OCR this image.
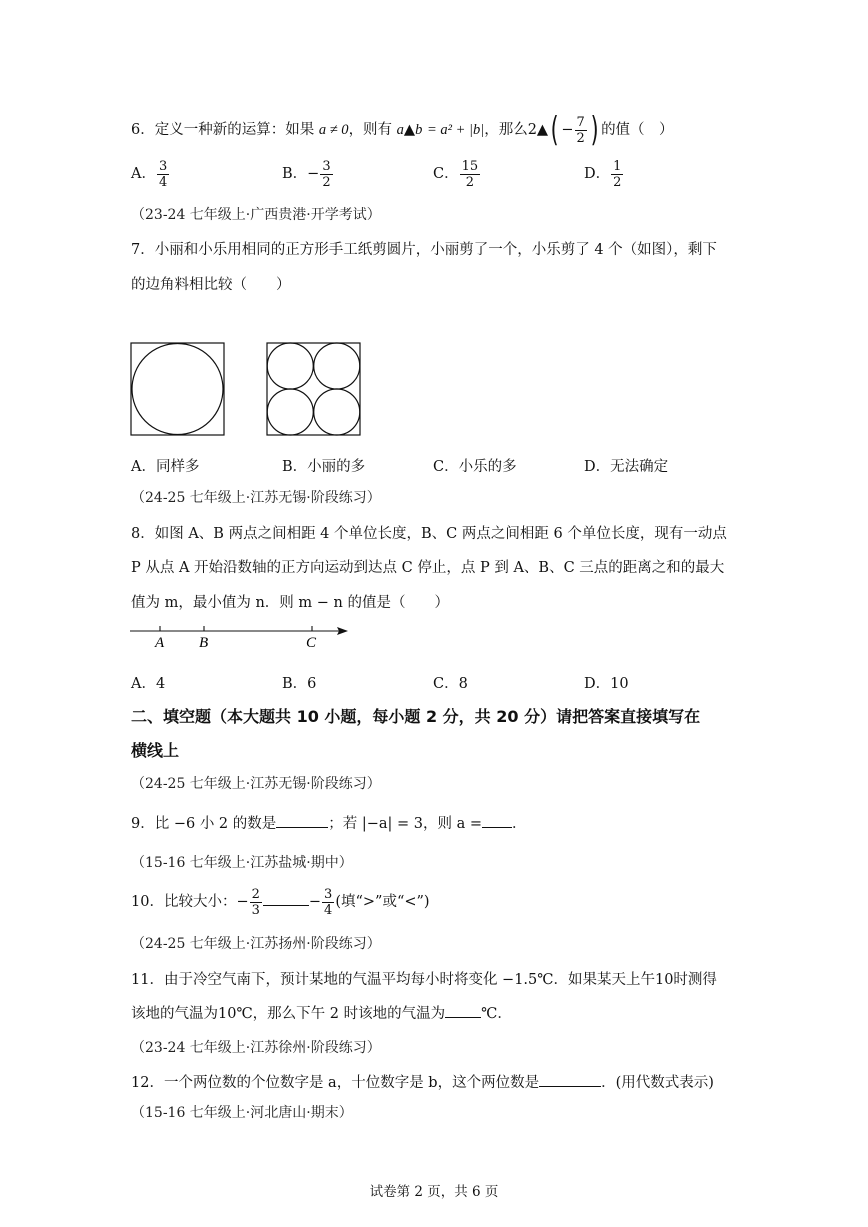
6．定义一种新的运算：如果 a ≠ 0，则有 a▲b = a² + |b|，那么2▲( − $\frac{7}{2}$ ) 的值（　）
A． $\frac{3}{4}$	B．− $\frac{3}{2}$	C． $\frac{15}{2}$	D． $\frac{1}{2}$
（23-24 七年级上·广西贵港·开学考试）
7．小丽和小乐用相同的正方形手工纸剪圆片，小丽剪了一个，小乐剪了 4 个（如图），剩下
的边角料相比较（　　）
A．同样多	B．小丽的多	C．小乐的多	D．无法确定
（24-25 七年级上·江苏无锡·阶段练习）
8．如图 A、B 两点之间相距 4 个单位长度，B、C 两点之间相距 6 个单位长度，现有一动点
P 从点 A 开始沿数轴的正方向运动到达点 C 停止，点 P 到 A、B、C 三点的距离之和的最大
值为 m，最小值为 n．则 m − n 的值是（　　）
A B	C
A．4	B．6	C．8	D．10
二、填空题（本大题共 10 小题，每小题 2 分，共 20 分）请把答案直接填写在
横线上
（24-25 七年级上·江苏无锡·阶段练习）
9．比 −6 小 2 的数是	；若 |−a| = 3，则 a = ．
（15-16 七年级上·江苏盐城·期中）
10．比较大小：− $\frac{2}{3}$	− $\frac{3}{4}$ (填“>”或“<”)
（24-25 七年级上·江苏扬州·阶段练习）
11．由于冷空气南下，预计某地的气温平均每小时将变化 −1.5℃．如果某天上午10时测得
该地的气温为10℃，那么下午 2 时该地的气温为 ℃．
（23-24 七年级上·江苏徐州·阶段练习）
12．一个两位数的个位数字是 a，十位数字是 b，这个两位数是	．(用代数式表示)
（15-16 七年级上·河北唐山·期末）
试卷第 2 页，共 6 页
